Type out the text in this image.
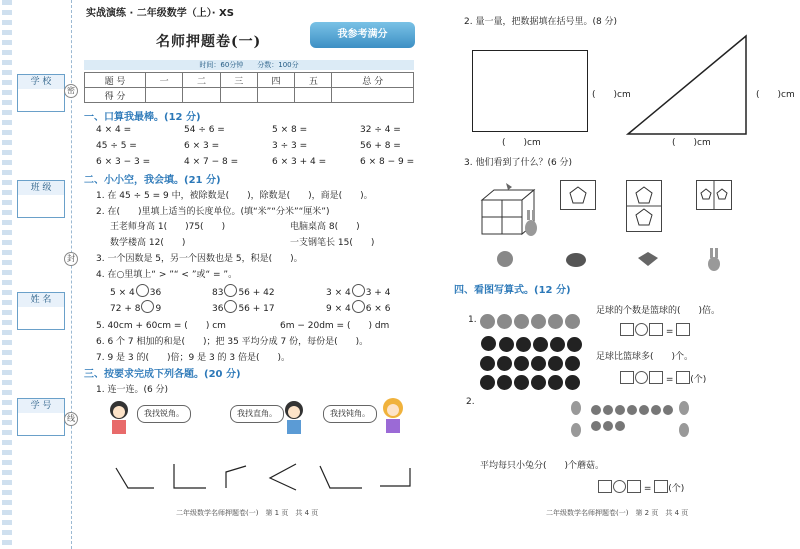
学 校
班 级
姓 名
学 号
密
封
线
实战演练 · 二年级数学（上）· XS
名师押题卷(一)	我参考满分
时间：60分钟　　分数：100分
题 号	一	二	三	四	五	总 分
得 分						
一、口算我最棒。(12 分)
4 × 4 =	54 ÷ 6 =	5 × 8 =	32 ÷ 4 =
45 ÷ 5 =	6 × 3 =	3 ÷ 3 =	56 + 8 =
6 × 3 − 3 =	4 × 7 − 8 =	6 × 3 + 4 =	6 × 8 − 9 =
二、小小空，我会填。(21 分)
1. 在 45 ÷ 5 = 9 中，被除数是(　　)，除数是(　　)，商是(　　)。
2. 在(　　)里填上适当的长度单位。(填“米”“分米”“厘米”)
王老师身高 1(　　)75(　　)	电脑桌高 8(　　)
数学楼高 12(　　)	一支钢笔长 15(　　)
3. 一个因数是 5，另一个因数也是 5，积是(　　)。
4. 在○里填上“ > ”“ < ”或“ = ”。
5 × 4 36	83 56 + 42	3 × 4 3 + 4
72 + 8 9	36 56 + 17	9 × 4 6 × 6
5. 40cm + 60cm = (　　) cm	6m − 20dm = (　　) dm
6. 6 个 7 相加的和是(　　)；把 35 平均分成 7 份，每份是(　　)。
7. 9 是 3 的(　　)倍；9 是 3 的 3 倍是(　　)。
三、按要求完成下列各题。(20 分)
1. 连一连。(6 分)
我找锐角。	我找直角。	我找钝角。
二年级数学名师押题卷(一)　第 1 页　共 4 页
2. 量一量，把数据填在括号里。(8 分)
(　　)cm
(　　)cm
(　　)cm
(　　)cm
3. 他们看到了什么？(6 分)
四、看图写算式。(12 分)
1.

足球的个数是篮球的(　　)倍。
=
足球比篮球多(　　)个。
= (个)
2.
平均每只小兔分(　　)个蘑菇。
= (个)
二年级数学名师押题卷(一)　第 2 页　共 4 页
